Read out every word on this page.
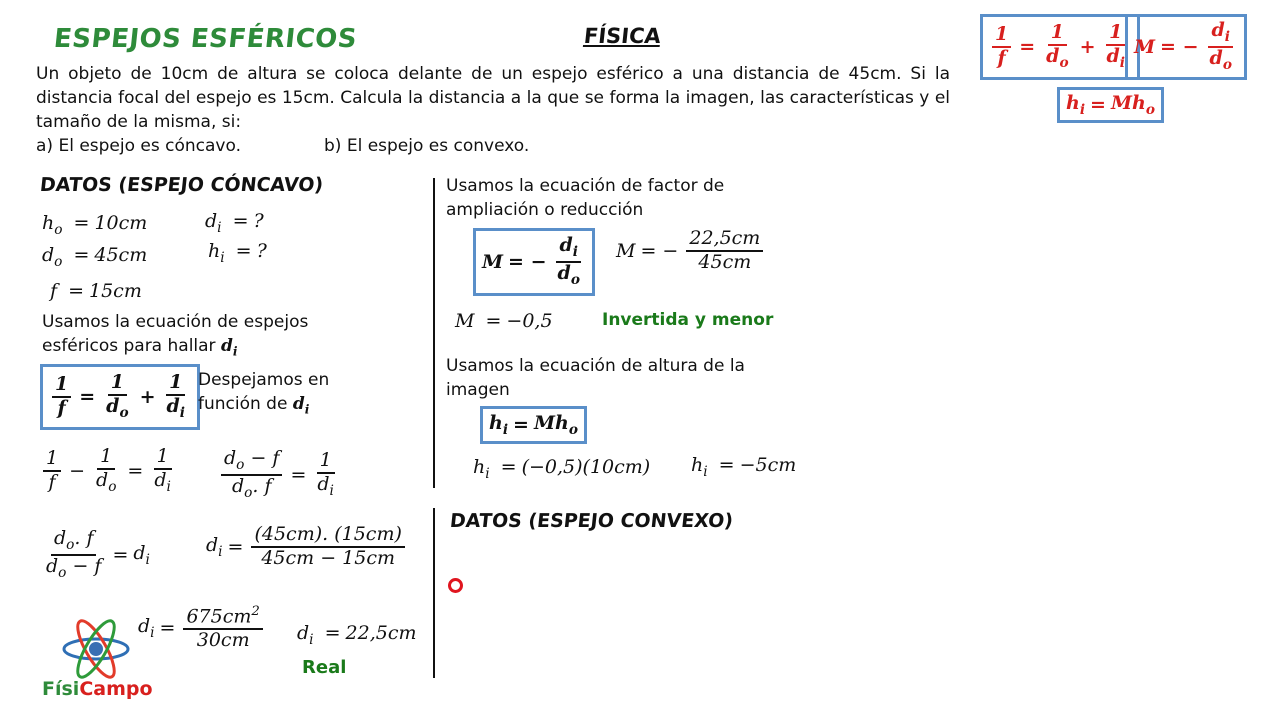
ESPEJOS ESFÉRICOS	FÍSICA	$\frac{1}{f} = \frac{1}{d_o} + \frac{1}{d_i}$ M = − $\frac{d_i}{d_o}$
$h_i = Mh_o$
Un objeto de 10cm de altura se coloca delante de un espejo esférico a una distancia de 45cm. Si la distancia focal del espejo es 15cm. Calcula la distancia a la que se forma la imagen, las características y el tamaño de la misma, si:
a) El espejo es cóncavo.	b) El espejo es convexo.
DATOS (ESPEJO CÓNCAVO)
$h_o = 10cm$
$d_o = 45cm$
f = 15cm
$d_i$ = ?
$h_i$ = ?
Usamos la ecuación de espejos
esféricos para hallar $d_i$
$\frac{1}{f} = \frac{1}{d_o} + \frac{1}{d_i}$ Despejamos en
función de $d_i$
$\frac{1}{f} - \frac{1}{d_o} = \frac{1}{d_i} \frac{d_o - f}{d_o. f} = \frac{1}{d_i}$
$\frac{d_o. f}{d_o - f} = d_i$
$d_i = \frac{(45cm). (15cm)}{45cm - 15cm}$
$d_i = \frac{675cm^2}{30cm} d_i = 22,5cm$
Real
Usamos la ecuación de factor de
ampliación o reducción
M = − $\frac{d_i}{d_o}$ M = − $\frac{22,5cm}{45cm}$
M = −0,5	Invertida y menor
Usamos la ecuación de altura de la
imagen
$h_i = Mh_o$
$h_i = (-0,5)(10cm) h_i = -5cm$
DATOS (ESPEJO CONVEXO)
FísiCampo
